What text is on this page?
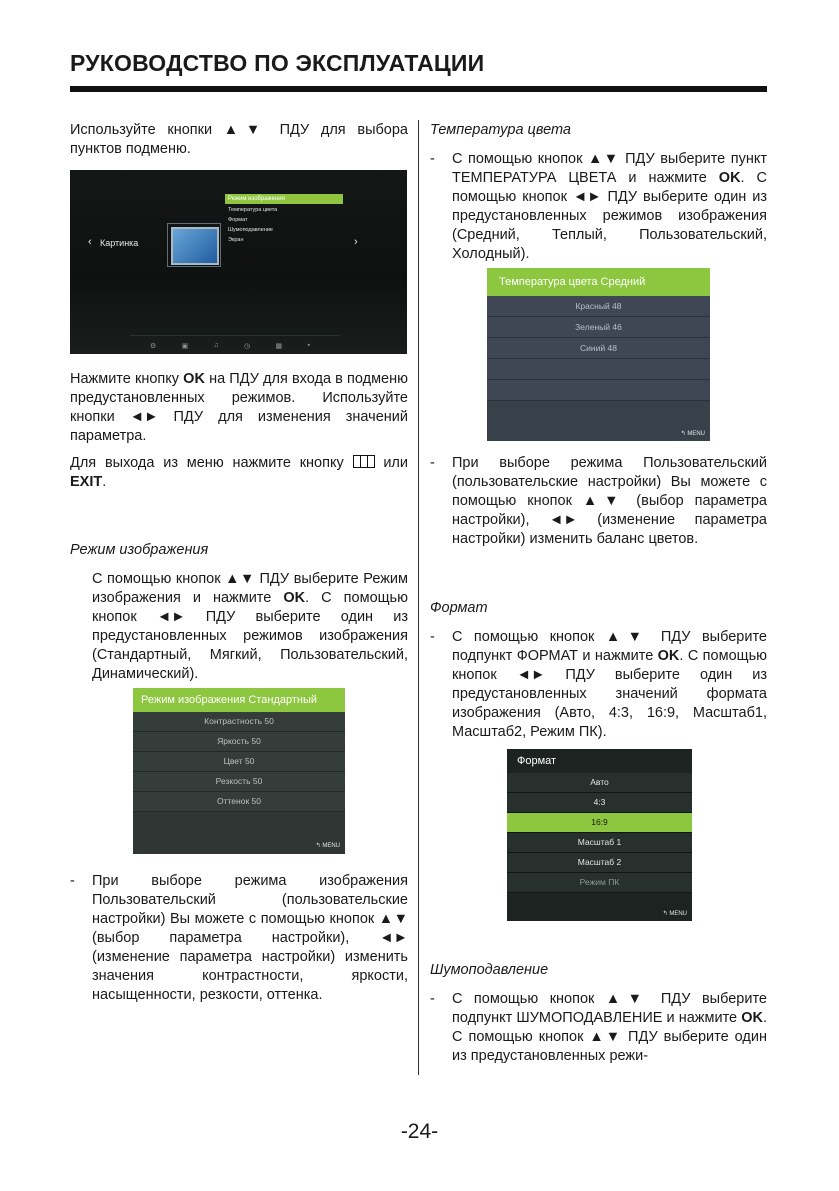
РУКОВОДСТВО ПО ЭКСПЛУАТАЦИИ

Используйте кнопки ▲▼ ПДУ для выбора пунктов подменю.

Режим изображения
Температура цвета
Формат
Шумоподавление
Экран
‹ Картинка	›
⚙	▣	♫	◷	▦	▪

Нажмите кнопку OK на ПДУ для входа в подменю предустановленных режимов. Используйте кнопки ◄► ПДУ для изменения значений параметра.

Для выхода из меню нажмите кнопку  или EXIT.

Режим изображения

С помощью кнопок ▲▼ ПДУ выберите Режим изображения и нажмите OK. С помощью кнопок ◄► ПДУ выберите один из предустановленных режимов изображения (Стандартный, Мягкий, Пользовательский, Динамический).

Режим изображения Стандартный
Контрастность 50
Яркость 50
Цвет 50
Резкость 50
Оттенок 50
↰ MENU

- При выборе режима изображения Пользовательский (пользовательские настройки) Вы можете с помощью кнопок ▲▼ (выбор параметра настройки), ◄► (изменение параметра настройки) изменить значения контрастности, яркости, насыщенности, резкости, оттенка.

Температура цвета

- С помощью кнопок ▲▼ ПДУ выберите пункт ТЕМПЕРАТУРА ЦВЕТА и нажмите OK. С помощью кнопок ◄► ПДУ выберите один из предустановленных режимов изображения (Средний, Теплый, Пользовательский, Холодный).

Температура цвета Средний
Красный 48
Зеленый 46
Синий 48
↰ MENU

- При выборе режима Пользовательский (пользовательские настройки) Вы можете с помощью кнопок ▲▼ (выбор параметра настройки), ◄► (изменение параметра настройки) изменить баланс цветов.

Формат

- С помощью кнопок ▲▼ ПДУ выберите подпункт ФОРМАТ и нажмите OK. С помощью кнопок ◄► ПДУ выберите один из предустановленных значений формата изображения (Авто, 4:3, 16:9, Масштаб1, Масштаб2, Режим ПК).

Формат
Авто
4:3
16:9
Масштаб 1
Масштаб 2
Режим ПК
↰ MENU

Шумоподавление

- С помощью кнопок ▲▼ ПДУ выберите подпункт ШУМОПОДАВЛЕНИЕ и нажмите OK. С помощью кнопок ▲▼ ПДУ выберите один из предустановленных режи-

-24-
